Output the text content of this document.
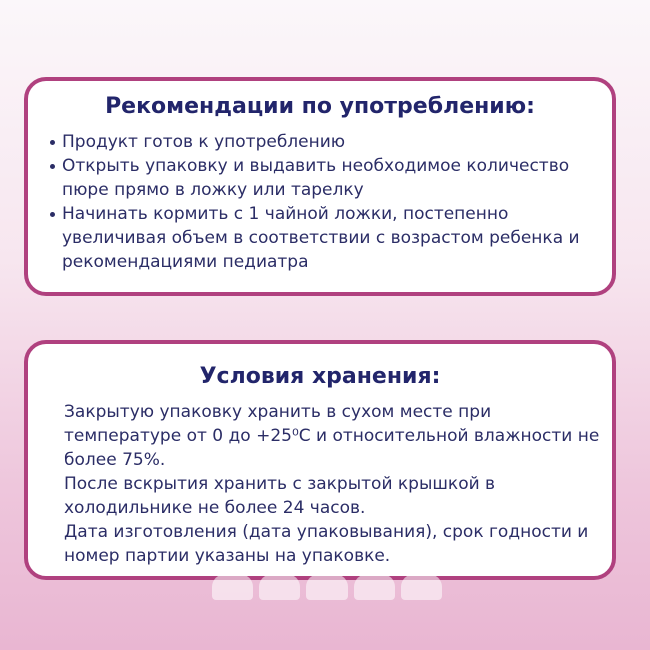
Рекомендации по употреблению:
Продукт готов к употреблению
Открыть упаковку и выдавить необходимое количество пюре прямо в ложку или тарелку
Начинать кормить с 1 чайной ложки, постепенно увеличивая объем в соответствии с возрастом ребенка и рекомендациями педиатра
Условия хранения:

Закрытую упаковку хранить в сухом месте при температуре от 0 до +25⁰С и относительной влажности не более 75%.

После вскрытия хранить с закрытой крышкой в холодильнике не более 24 часов.

Дата изготовления (дата упаковывания), срок годности и номер партии указаны на упаковке.
